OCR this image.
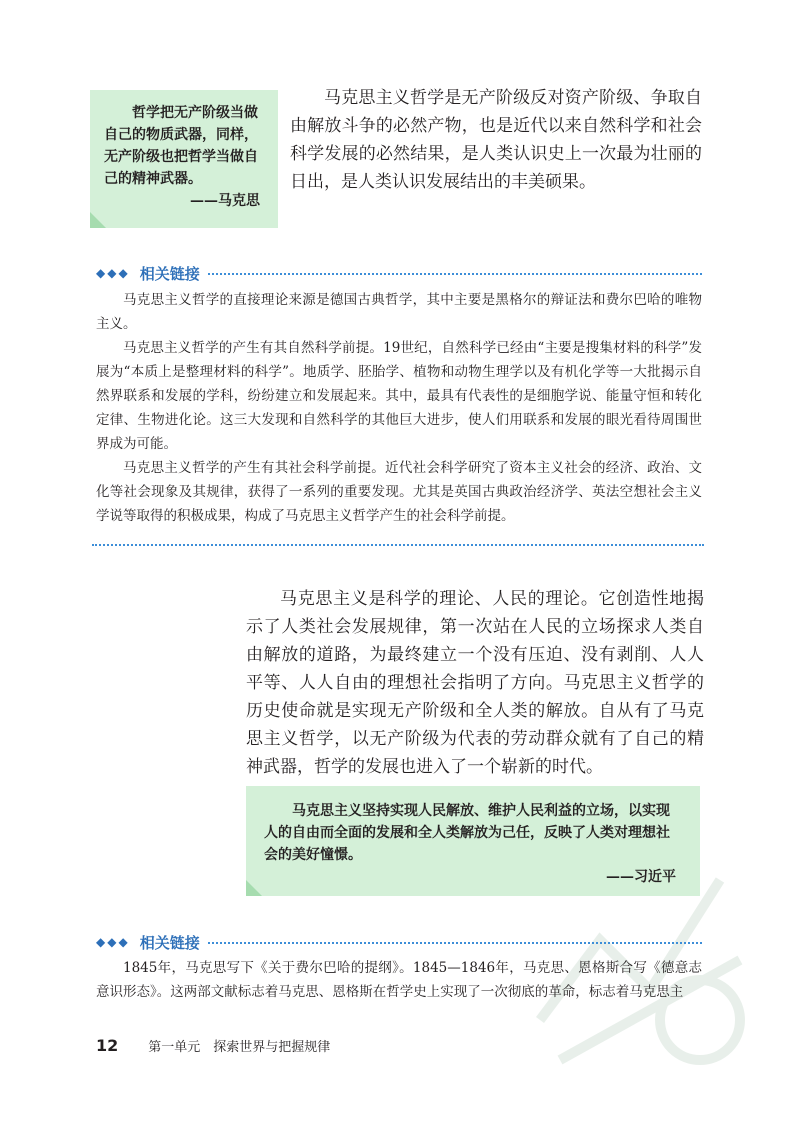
哲学把无产阶级当做自己的物质武器，同样，无产阶级也把哲学当做自己的精神武器。
——马克思

马克思主义哲学是无产阶级反对资产阶级、争取自由解放斗争的必然产物，也是近代以来自然科学和社会科学发展的必然结果，是人类认识史上一次最为壮丽的日出，是人类认识发展结出的丰美硕果。

◆◆◆ 相关链接

马克思主义哲学的直接理论来源是德国古典哲学，其中主要是黑格尔的辩证法和费尔巴哈的唯物主义。

马克思主义哲学的产生有其自然科学前提。19世纪，自然科学已经由“主要是搜集材料的科学”发展为“本质上是整理材料的科学”。地质学、胚胎学、植物和动物生理学以及有机化学等一大批揭示自然界联系和发展的学科，纷纷建立和发展起来。其中，最具有代表性的是细胞学说、能量守恒和转化定律、生物进化论。这三大发现和自然科学的其他巨大进步，使人们用联系和发展的眼光看待周围世界成为可能。

马克思主义哲学的产生有其社会科学前提。近代社会科学研究了资本主义社会的经济、政治、文化等社会现象及其规律，获得了一系列的重要发现。尤其是英国古典政治经济学、英法空想社会主义学说等取得的积极成果，构成了马克思主义哲学产生的社会科学前提。

马克思主义是科学的理论、人民的理论。它创造性地揭示了人类社会发展规律，第一次站在人民的立场探求人类自由解放的道路，为最终建立一个没有压迫、没有剥削、人人平等、人人自由的理想社会指明了方向。马克思主义哲学的历史使命就是实现无产阶级和全人类的解放。自从有了马克思主义哲学，以无产阶级为代表的劳动群众就有了自己的精神武器，哲学的发展也进入了一个崭新的时代。

马克思主义坚持实现人民解放、维护人民利益的立场，以实现人的自由而全面的发展和全人类解放为己任，反映了人类对理想社会的美好憧憬。
——习近平
◆◆◆ 相关链接

1845年，马克思写下《关于费尔巴哈的提纲》。1845—1846年，马克思、恩格斯合写《德意志意识形态》。这两部文献标志着马克思、恩格斯在哲学史上实现了一次彻底的革命，标志着马克思主

12 第一单元　探索世界与把握规律
